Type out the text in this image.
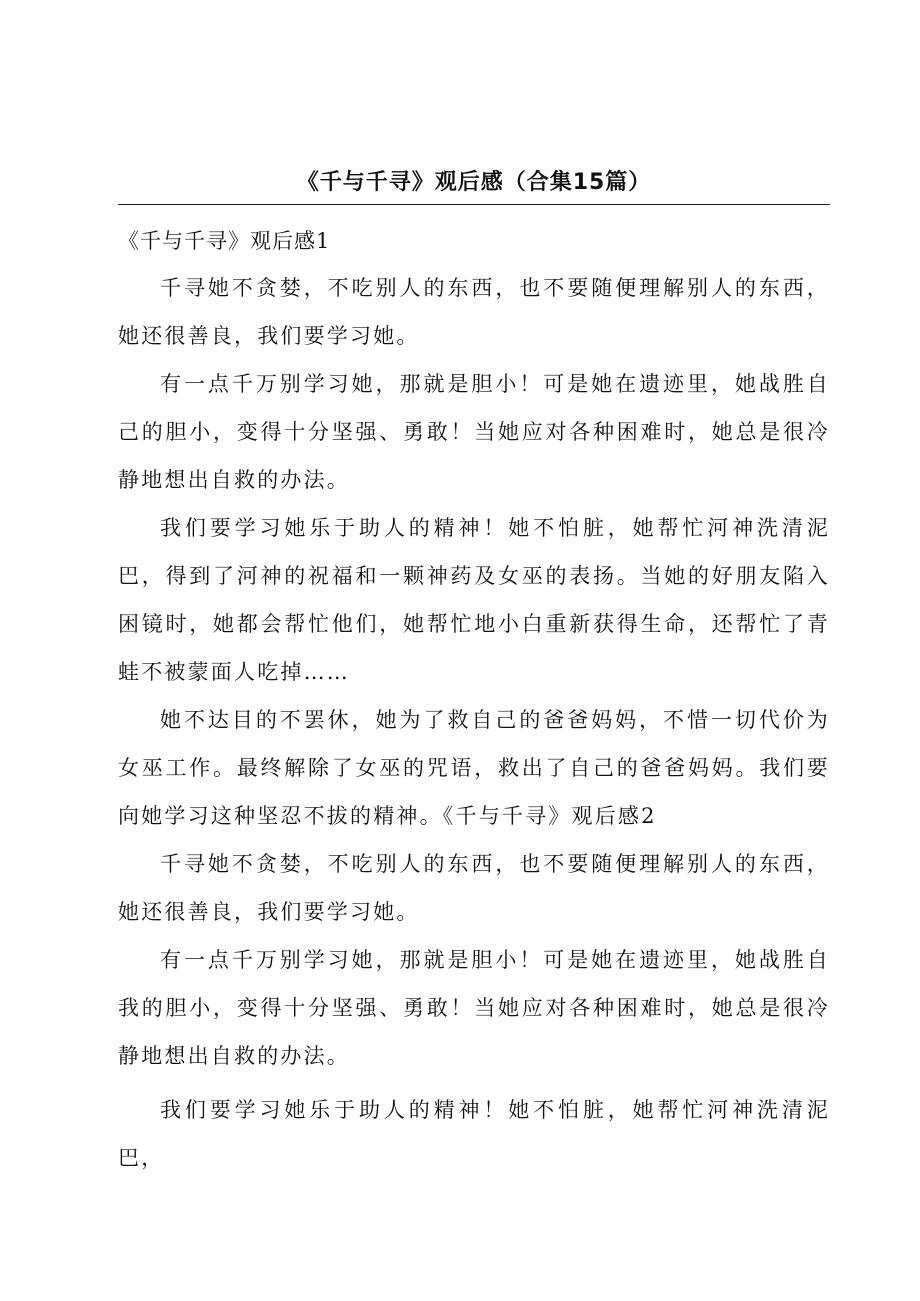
《千与千寻》观后感（合集15篇）

《千与千寻》观后感1

千寻她不贪婪，不吃别人的东西，也不要随便理解别人的东西，她还很善良，我们要学习她。

有一点千万别学习她，那就是胆小！可是她在遗迹里，她战胜自己的胆小，变得十分坚强、勇敢！当她应对各种困难时，她总是很冷静地想出自救的办法。

我们要学习她乐于助人的精神！她不怕脏，她帮忙河神洗清泥巴，得到了河神的祝福和一颗神药及女巫的表扬。当她的好朋友陷入困镜时，她都会帮忙他们，她帮忙地小白重新获得生命，还帮忙了青蛙不被蒙面人吃掉……

她不达目的不罢休，她为了救自己的爸爸妈妈，不惜一切代价为女巫工作。最终解除了女巫的咒语，救出了自己的爸爸妈妈。我们要向她学习这种坚忍不拔的精神。《千与千寻》观后感2

千寻她不贪婪，不吃别人的东西，也不要随便理解别人的东西，她还很善良，我们要学习她。

有一点千万别学习她，那就是胆小！可是她在遗迹里，她战胜自我的胆小，变得十分坚强、勇敢！当她应对各种困难时，她总是很冷静地想出自救的办法。

我们要学习她乐于助人的精神！她不怕脏，她帮忙河神洗清泥巴，
